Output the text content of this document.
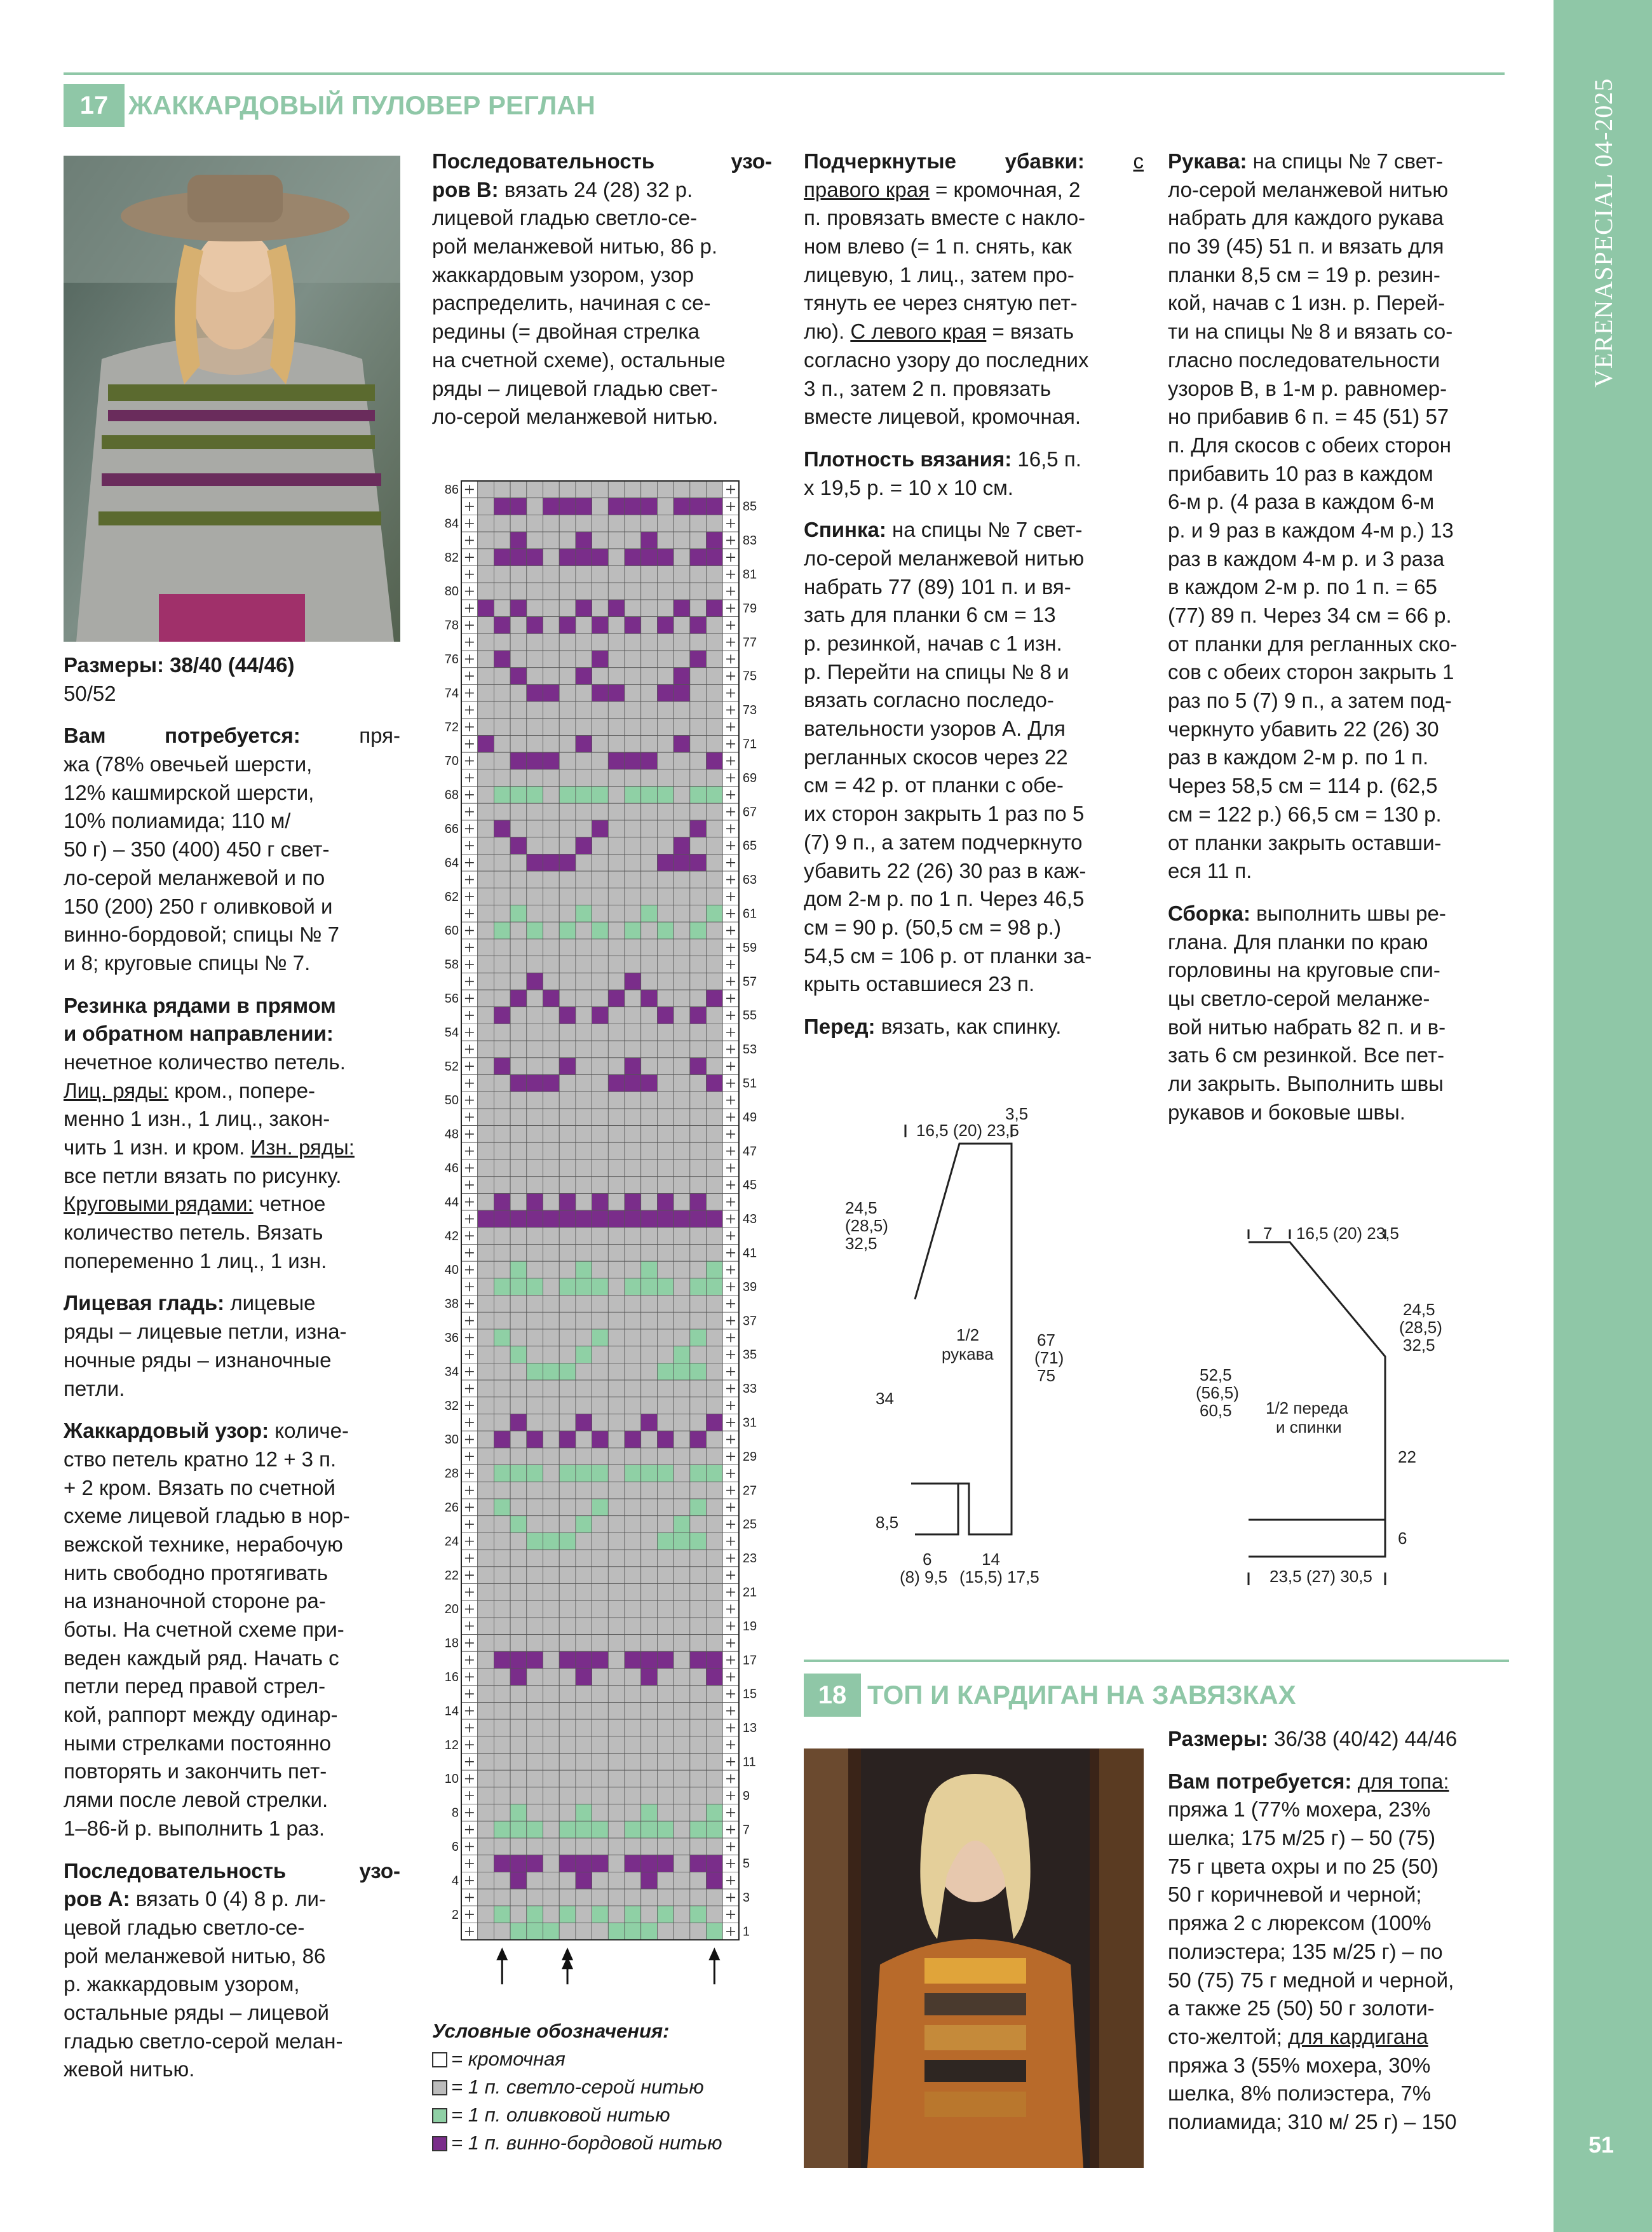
VERENASPECIAL 04-2025
51
17 ЖАККАРДОВЫЙ ПУЛОВЕР РЕГЛАН
Размеры: 38/40 (44/46)
50/52
Вам	потребуется:	пря-
жа (78% овечьей шерсти,
12% кашмирской шерсти,
10% полиамида; 110 м/
50 г) – 350 (400) 450 г свет-
ло-серой меланжевой и по
150 (200) 250 г оливковой и
винно-бордовой; спицы № 7
и 8; круговые спицы № 7.
Резинка рядами в прямом
и обратном направлении:
нечетное количество петель.
Лиц. ряды: кром., попере-
менно 1 изн., 1 лиц., закон-
чить 1 изн. и кром. Изн. ряды:
все петли вязать по рисунку.
Круговыми рядами: четное
количество петель. Вязать
попеременно 1 лиц., 1 изн.
Лицевая гладь: лицевые
ряды – лицевые петли, изна-
ночные ряды – изнаночные
петли.
Жаккардовый узор: количе-
ство петель кратно 12 + 3 п.
+ 2 кром. Вязать по счетной
схеме лицевой гладью в нор-
вежской технике, нерабочую
нить свободно протягивать
на изнаночной стороне ра-
боты. На счетной схеме при-
веден каждый ряд. Начать с
петли перед правой стрел-
кой, раппорт между одинар-
ными стрелками постоянно
повторять и закончить пет-
лями после левой стрелки.
1–86-й р. выполнить 1 раз.
Последовательность	узо-
ров А: вязать 0 (4) 8 р. ли-
цевой гладью светло-се-
рой меланжевой нитью, 86
р. жаккардовым узором,
остальные ряды – лицевой
гладью светло-серой мелан-
жевой нитью.
Последовательность	узо-
ров В: вязать 24 (28) 32 р.
лицевой гладью светло-се-
рой меланжевой нитью, 86 р.
жаккардовым узором, узор
распределить, начиная с се-
редины (= двойная стрелка
на счетной схеме), остальные
ряды – лицевой гладью свет-
ло-серой меланжевой нитью.
2
4
6
8
10
12
14
16
18
20
22
24
26
28
30
32
34
36
38
40
42
44
46
48
50
52
54
56
58
60
62
64
66
68
70
72
74
76
78
80
82
84
86
1
3
5
7
9
11
13
15
17
19
21
23
25
27
29
31
33
35
37
39
41
43
45
47
49
51
53
55
57
59
61
63
65
67
69
71
73
75
77
79
81
83
85
Условные обозначения:
= кромочная
= 1 п. светло-серой нитью
= 1 п. оливковой нитью
= 1 п. винно-бордовой нитью
Подчеркнутые убавки: с
правого края = кромочная, 2
п. провязать вместе с накло-
ном влево (= 1 п. снять, как
лицевую, 1 лиц., затем про-
тянуть ее через снятую пет-
лю). С левого края = вязать
согласно узору до последних
3 п., затем 2 п. провязать
вместе лицевой, кромочная.
Плотность вязания: 16,5 п.
х 19,5 р. = 10 х 10 см.
Спинка: на спицы № 7 свет-
ло-серой меланжевой нитью
набрать 77 (89) 101 п. и вя-
зать для планки 6 см = 13
р. резинкой, начав с 1 изн.
р. Перейти на спицы № 8 и
вязать согласно последо-
вательности узоров А. Для
регланных скосов через 22
см = 42 р. от планки с обе-
их сторон закрыть 1 раз по 5
(7) 9 п., а затем подчеркнуто
убавить 22 (26) 30 раз в каж-
дом 2-м р. по 1 п. Через 46,5
см = 90 р. (50,5 см = 98 р.)
54,5 см = 106 р. от планки за-
крыть оставшиеся 23 п.
Перед: вязать, как спинку.
16,5 (20) 23,5
3,5
24,5
(28,5)
32,5
1/2
рукава
67
(71)
75
34
8,5
6
(8) 9,5
14
(15,5) 17,5
Рукава: на спицы № 7 свет-
ло-серой меланжевой нитью
набрать для каждого рукава
по 39 (45) 51 п. и вязать для
планки 8,5 см = 19 р. резин-
кой, начав с 1 изн. р. Перей-
ти на спицы № 8 и вязать со-
гласно последовательности
узоров В, в 1-м р. равномер-
но прибавив 6 п. = 45 (51) 57
п. Для скосов с обеих сторон
прибавить 10 раз в каждом
6-м р. (4 раза в каждом 6-м
р. и 9 раз в каждом 4-м р.) 13
раз в каждом 4-м р. и 3 раза
в каждом 2-м р. по 1 п. = 65
(77) 89 п. Через 34 см = 66 р.
от планки для регланных ско-
сов с обеих сторон закрыть 1
раз по 5 (7) 9 п., а затем под-
черкнуто убавить 22 (26) 30
раз в каждом 2-м р. по 1 п.
Через 58,5 см = 114 р. (62,5
см = 122 р.) 66,5 см = 130 р.
от планки закрыть оставши-
еся 11 п.
Сборка: выполнить швы ре-
глана. Для планки по краю
горловины на круговые спи-
цы светло-серой меланже-
вой нитью набрать 82 п. и в-
зать 6 см резинкой. Все пет-
ли закрыть. Выполнить швы
рукавов и боковые швы.
7 16,5 (20) 23,5
24,5
(28,5)
32,5
52,5
(56,5)
60,5 1/2 переда
и спинки
22
6
23,5 (27) 30,5
18 ТОП И КАРДИГАН НА ЗАВЯЗКАХ
Размеры: 36/38 (40/42) 44/46
Вам потребуется: для топа:
пряжа 1 (77% мохера, 23%
шелка; 175 м/25 г) – 50 (75)
75 г цвета охры и по 25 (50)
50 г коричневой и черной;
пряжа 2 с люрексом (100%
полиэстера; 135 м/25 г) – по
50 (75) 75 г медной и черной,
а также 25 (50) 50 г золоти-
сто-желтой; для кардигана
пряжа 3 (55% мохера, 30%
шелка, 8% полиэстера, 7%
полиамида; 310 м/ 25 г) – 150
